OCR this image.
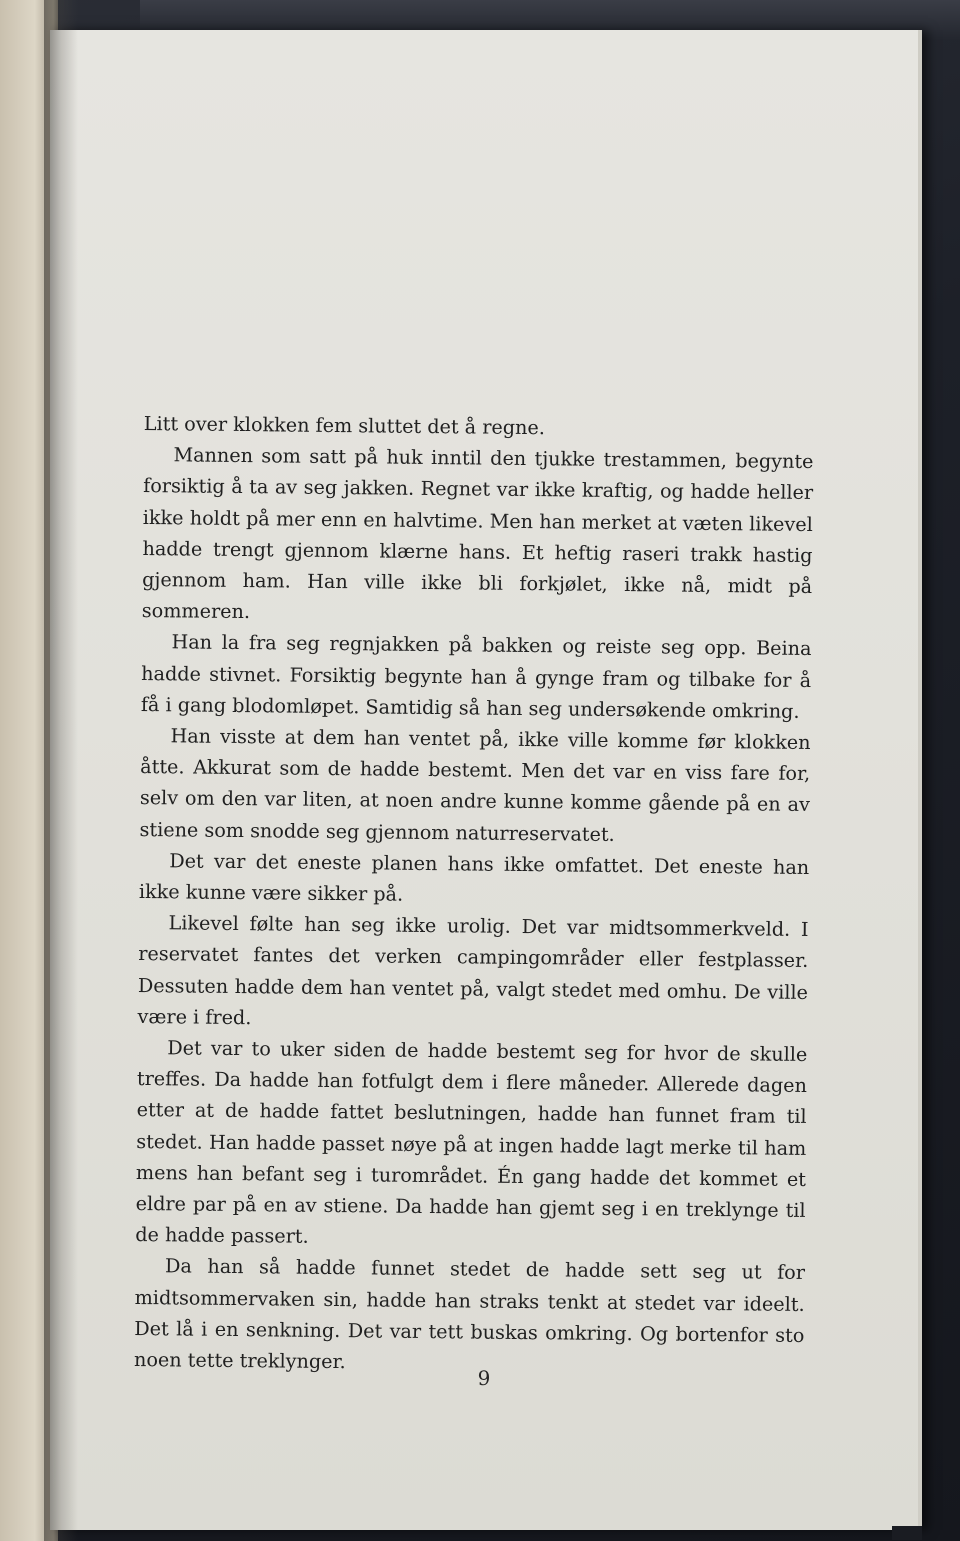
Litt over klokken fem sluttet det å regne.

Mannen som satt på huk inntil den tjukke trestammen, begynte forsiktig å ta av seg jakken. Regnet var ikke kraftig, og hadde heller ikke holdt på mer enn en halvtime. Men han merket at væten likevel hadde trengt gjennom klærne hans. Et heftig raseri trakk hastig gjennom ham. Han ville ikke bli forkjølet, ikke nå, midt på sommeren.

Han la fra seg regnjakken på bakken og reiste seg opp. Beina hadde stivnet. Forsiktig begynte han å gynge fram og tilbake for å få i gang blodomløpet. Samtidig så han seg undersøkende omkring.

Han visste at dem han ventet på, ikke ville komme før klokken åtte. Akkurat som de hadde bestemt. Men det var en viss fare for, selv om den var liten, at noen andre kunne komme gående på en av stiene som snodde seg gjennom naturreservatet.

Det var det eneste planen hans ikke omfattet. Det eneste han ikke kunne være sikker på.

Likevel følte han seg ikke urolig. Det var midtsommerkveld. I reservatet fantes det verken campingområder eller festplasser. Dessuten hadde dem han ventet på, valgt stedet med omhu. De ville være i fred.

Det var to uker siden de hadde bestemt seg for hvor de skulle treffes. Da hadde han fotfulgt dem i flere måneder. Allerede dagen etter at de hadde fattet beslutningen, hadde han funnet fram til stedet. Han hadde passet nøye på at ingen hadde lagt merke til ham mens han befant seg i turområdet. Én gang hadde det kommet et eldre par på en av stiene. Da hadde han gjemt seg i en treklynge til de hadde passert.

Da han så hadde funnet stedet de hadde sett seg ut for midtsommervaken sin, hadde han straks tenkt at stedet var ideelt. Det lå i en senkning. Det var tett buskas omkring. Og bortenfor sto noen tette treklynger.

9
